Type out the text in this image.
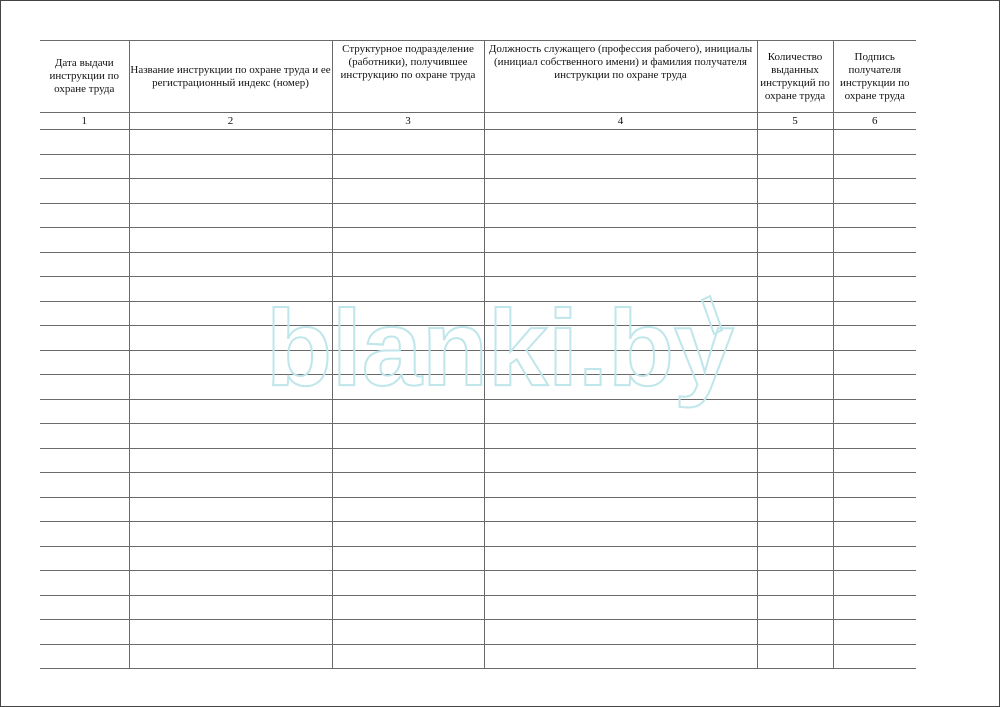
Дата выдачи инструкции по охране труда	Название инструкции по охране труда и ее регистрационный индекс (номер)	Структурное подразделение (работники), получившее инструкцию по охране труда	Должность служащего (профессия рабочего), инициалы (инициал собственного имени) и фамилия получателя инструкции по охране труда	Количество выданных инструкций по охране труда	Подпись получателя инструкции по охране труда
1	2	3	4	5	6

blanki.by
